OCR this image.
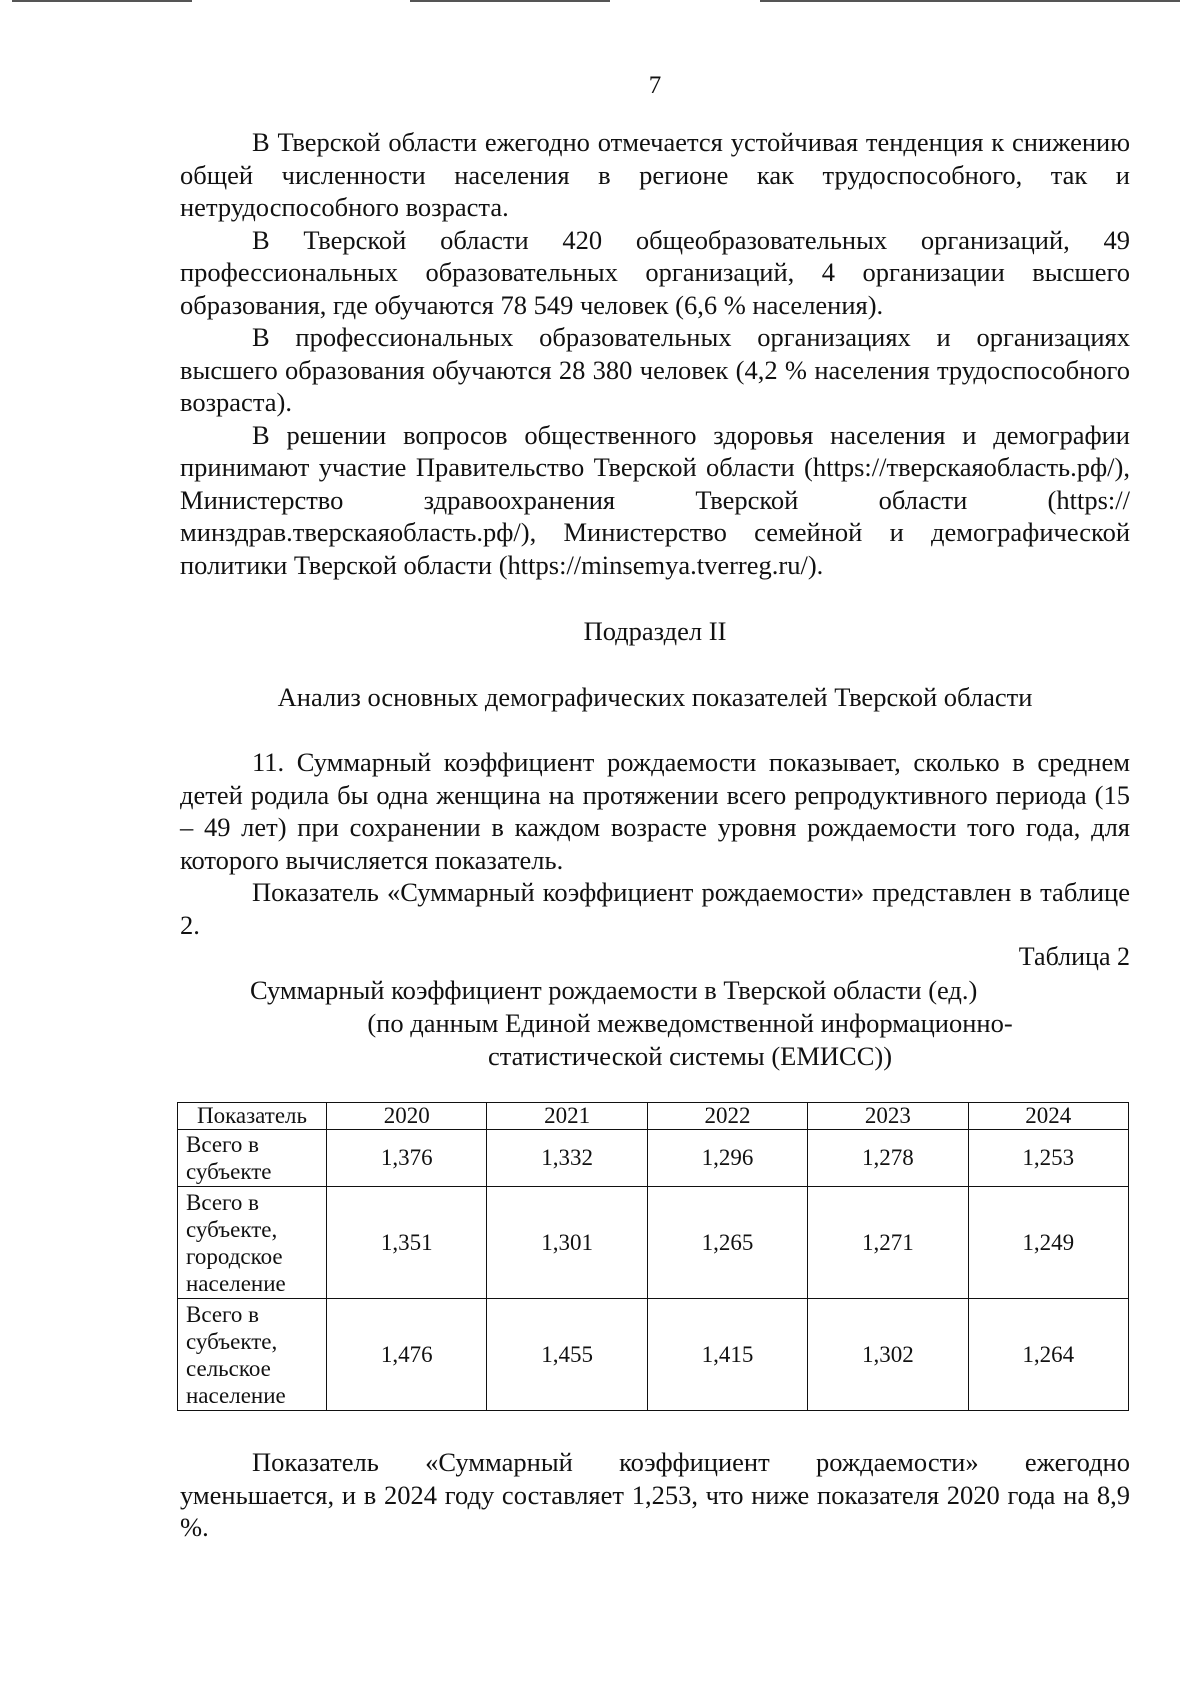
7

В Тверской области ежегодно отмечается устойчивая тенденция к снижению общей численности населения в регионе как трудоспособного, так и нетрудоспособного возраста.

В Тверской области 420 общеобразовательных организаций, 49 профессиональных образовательных организаций, 4 организации высшего образования, где обучаются 78 549 человек (6,6 % населения).

В профессиональных образовательных организациях и организациях высшего образования обучаются 28 380 человек (4,2 % населения трудоспособного возраста).

В решении вопросов общественного здоровья населения и демографии принимают участие Правительство Тверской области (https://тверскаяобласть.рф/), Министерство здравоохранения Тверской области (https://минздрав.тверскаяобласть.рф/), Министерство семейной и демографической политики Тверской области (https://minsemya.tverreg.ru/).

Подраздел II

Анализ основных демографических показателей Тверской области

11. Суммарный коэффициент рождаемости показывает, сколько в среднем детей родила бы одна женщина на протяжении всего репродуктивного периода (15 – 49 лет) при сохранении в каждом возрасте уровня рождаемости того года, для которого вычисляется показатель.

Показатель «Суммарный коэффициент рождаемости» представлен в таблице 2.

Таблица 2

Суммарный коэффициент рождаемости в Тверской области (ед.)
(по данным Единой межведомственной информационно-статистической системы (ЕМИСС))

Показатель	2020	2021	2022	2023	2024
Всего в субъекте	1,376	1,332	1,296	1,278	1,253
Всего в субъекте, городское население	1,351	1,301	1,265	1,271	1,249
Всего в субъекте, сельское население	1,476	1,455	1,415	1,302	1,264

Показатель «Суммарный коэффициент рождаемости» ежегодно уменьшается, и в 2024 году составляет 1,253, что ниже показателя 2020 года на 8,9 %.
